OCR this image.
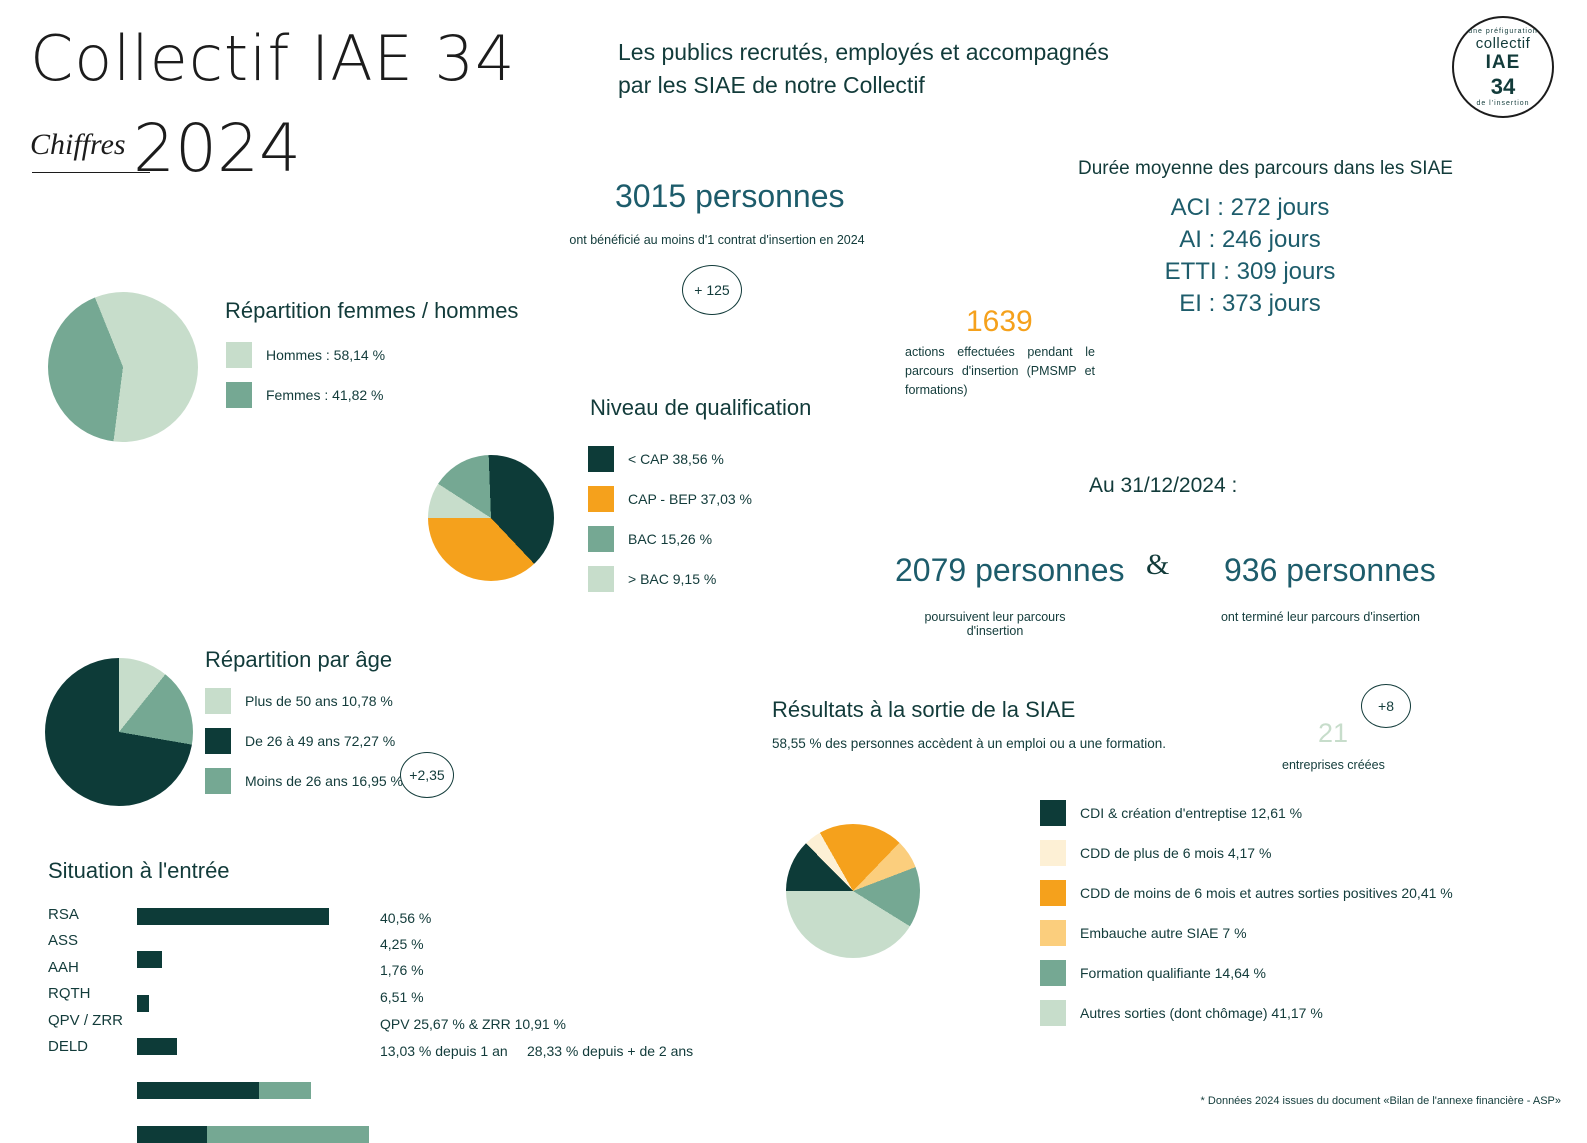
Collectif IAE 34
Chiffres 2024
Les publics recrutés, employés et accompagnés
par les SIAE de notre Collectif
une préfiguration
collectif
IAE
34
de l'insertion
3015 personnes
ont bénéficié au moins d'1 contrat d'insertion en 2024
+ 125
1639
actions effectuées pendant le parcours d'insertion (PMSMP et formations)
Durée moyenne des parcours dans les SIAE
ACI : 272 jours
AI : 246 jours
ETTI : 309 jours
EI : 373 jours
Répartition femmes / hommes
Hommes : 58,14 %
Femmes : 41,82 %	Niveau de qualification
< CAP 38,56 %
CAP - BEP 37,03 %
BAC 15,26 %
> BAC 9,15 %
Au 31/12/2024 :
2079 personnes
poursuivent leur parcours d'insertion
& 936 personnes
ont terminé leur parcours d'insertion
Répartition par âge
Plus de 50 ans 10,78 %
De 26 à 49 ans 72,27 %
Moins de 26 ans 16,95 % +2,35
Résultats à la sortie de la SIAE
58,55 % des personnes accèdent à un emploi ou a une formation.
+8
21
entreprises créées
CDI & création d'entreptise 12,61 %
CDD de plus de 6 mois 4,17 %
CDD de moins de 6 mois et autres sorties positives 20,41 %
Embauche autre SIAE 7 %
Formation qualifiante 14,64 %
Autres sorties (dont chômage) 41,17 %
Situation à l'entrée
RSA	40,56 %
ASS	4,25 %
AAH	1,76 %
RQTH	6,51 %
QPV / ZRR	QPV 25,67 % & ZRR 10,91 %
DELD	13,03 % depuis 1 an 28,33 % depuis + de 2 ans
* Données 2024 issues du document «Bilan de l'annexe financière - ASP»
